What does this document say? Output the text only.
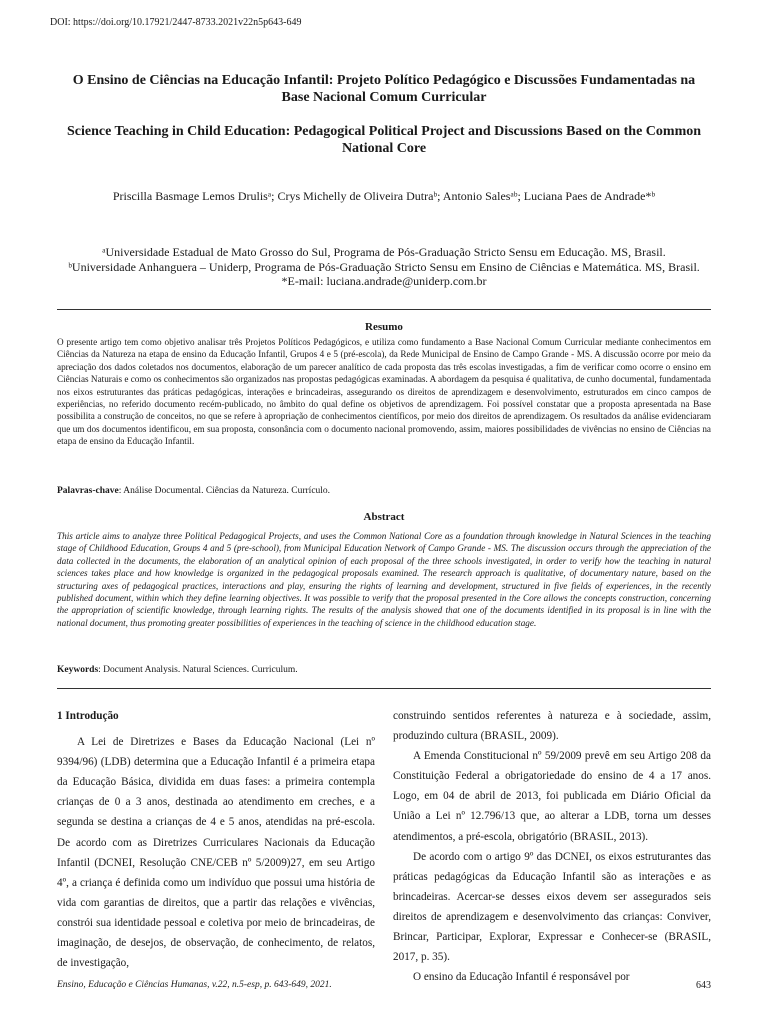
DOI: https://doi.org/10.17921/2447-8733.2021v22n5p643-649
O Ensino de Ciências na Educação Infantil: Projeto Político Pedagógico e Discussões Fundamentadas na Base Nacional Comum Curricular
Science Teaching in Child Education: Pedagogical Political Project and Discussions Based on the Common National Core
Priscilla Basmage Lemos Drulisᵃ; Crys Michelly de Oliveira Dutraᵇ; Antonio Salesᵃᵇ; Luciana Paes de Andrade*ᵇ
ᵃUniversidade Estadual de Mato Grosso do Sul, Programa de Pós-Graduação Stricto Sensu em Educação. MS, Brasil.
ᵇUniversidade Anhanguera – Uniderp, Programa de Pós-Graduação Stricto Sensu em Ensino de Ciências e Matemática. MS, Brasil.
*E-mail: luciana.andrade@uniderp.com.br
Resumo
O presente artigo tem como objetivo analisar três Projetos Políticos Pedagógicos, e utiliza como fundamento a Base Nacional Comum Curricular mediante conhecimentos em Ciências da Natureza na etapa de ensino da Educação Infantil, Grupos 4 e 5 (pré-escola), da Rede Municipal de Ensino de Campo Grande - MS. A discussão ocorre por meio da apreciação dos dados coletados nos documentos, elaboração de um parecer analítico de cada proposta das três escolas investigadas, a fim de verificar como ocorre o ensino em Ciências Naturais e como os conhecimentos são organizados nas propostas pedagógicas examinadas. A abordagem da pesquisa é qualitativa, de cunho documental, fundamentada nos eixos estruturantes das práticas pedagógicas, interações e brincadeiras, assegurando os direitos de aprendizagem e desenvolvimento, estruturados em cinco campos de experiências, no referido documento recém-publicado, no âmbito do qual define os objetivos de aprendizagem. Foi possível constatar que a proposta apresentada na Base possibilita a construção de conceitos, no que se refere à apropriação de conhecimentos científicos, por meio dos direitos de aprendizagem. Os resultados da análise evidenciaram que um dos documentos identificou, em sua proposta, consonância com o documento nacional promovendo, assim, maiores possibilidades de vivências no ensino de Ciências na etapa de ensino da Educação Infantil.
Palavras-chave: Análise Documental. Ciências da Natureza. Currículo.
Abstract
This article aims to analyze three Political Pedagogical Projects, and uses the Common National Core as a foundation through knowledge in Natural Sciences in the teaching stage of Childhood Education, Groups 4 and 5 (pre-school), from Municipal Education Network of Campo Grande - MS. The discussion occurs through the appreciation of the data collected in the documents, the elaboration of an analytical opinion of each proposal of the three schools investigated, in order to verify how the teaching in natural sciences takes place and how knowledge is organized in the pedagogical proposals examined. The research approach is qualitative, of documentary nature, based on the structuring axes of pedagogical practices, interactions and play, ensuring the rights of learning and development, structured in five fields of experiences, in the recently published document, within which they define learning objectives. It was possible to verify that the proposal presented in the Core allows the concepts construction, concerning the appropriation of scientific knowledge, through learning rights. The results of the analysis showed that one of the documents identified in its proposal is in line with the national document, thus promoting greater possibilities of experiences in the teaching of science in the childhood education stage.
Keywords: Document Analysis. Natural Sciences. Curriculum.
1 Introdução

A Lei de Diretrizes e Bases da Educação Nacional (Lei nº 9394/96) (LDB) determina que a Educação Infantil é a primeira etapa da Educação Básica, dividida em duas fases: a primeira contempla crianças de 0 a 3 anos, destinada ao atendimento em creches, e a segunda se destina a crianças de 4 e 5 anos, atendidas na pré-escola. De acordo com as Diretrizes Curriculares Nacionais da Educação Infantil (DCNEI, Resolução CNE/CEB nº 5/2009)27, em seu Artigo 4º, a criança é definida como um indivíduo que possui uma história de vida com garantias de direitos, que a partir das relações e vivências, constrói sua identidade pessoal e coletiva por meio de brincadeiras, de imaginação, de desejos, de observação, de conhecimento, de relatos, de investigação,

construindo sentidos referentes à natureza e à sociedade, assim, produzindo cultura (BRASIL, 2009).

A Emenda Constitucional nº 59/2009 prevê em seu Artigo 208 da Constituição Federal a obrigatoriedade do ensino de 4 a 17 anos. Logo, em 04 de abril de 2013, foi publicada em Diário Oficial da União a Lei nº 12.796/13 que, ao alterar a LDB, torna um desses atendimentos, a pré-escola, obrigatório (BRASIL, 2013).

De acordo com o artigo 9º das DCNEI, os eixos estruturantes das práticas pedagógicas da Educação Infantil são as interações e as brincadeiras. Acercar-se desses eixos devem ser assegurados seis direitos de aprendizagem e desenvolvimento das crianças: Conviver, Brincar, Participar, Explorar, Expressar e Conhecer-se (BRASIL, 2017, p. 35).

O ensino da Educação Infantil é responsável por

Ensino, Educação e Ciências Humanas, v.22, n.5-esp, p. 643-649, 2021.	643
